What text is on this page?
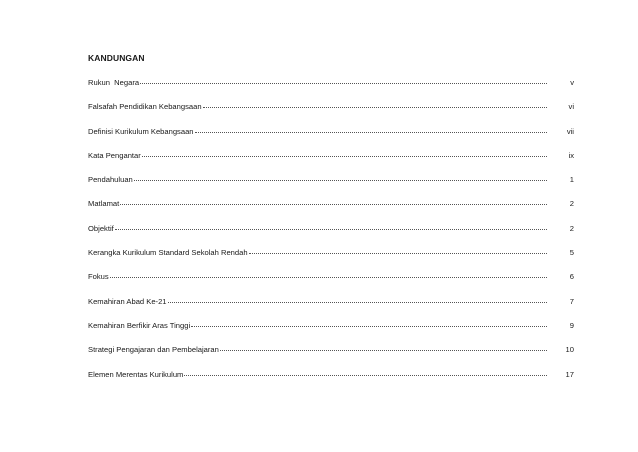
KANDUNGAN
Rukun  Negara	v
Falsafah Pendidikan Kebangsaan	vi
Definisi Kurikulum Kebangsaan	vii
Kata Pengantar	ix
Pendahuluan	1
Matlamat	2
Objektif	2
Kerangka Kurikulum Standard Sekolah Rendah	5
Fokus	6
Kemahiran Abad Ke-21	7
Kemahiran Berfikir Aras Tinggi	9
Strategi Pengajaran dan Pembelajaran	10
Elemen Merentas Kurikulum	17
